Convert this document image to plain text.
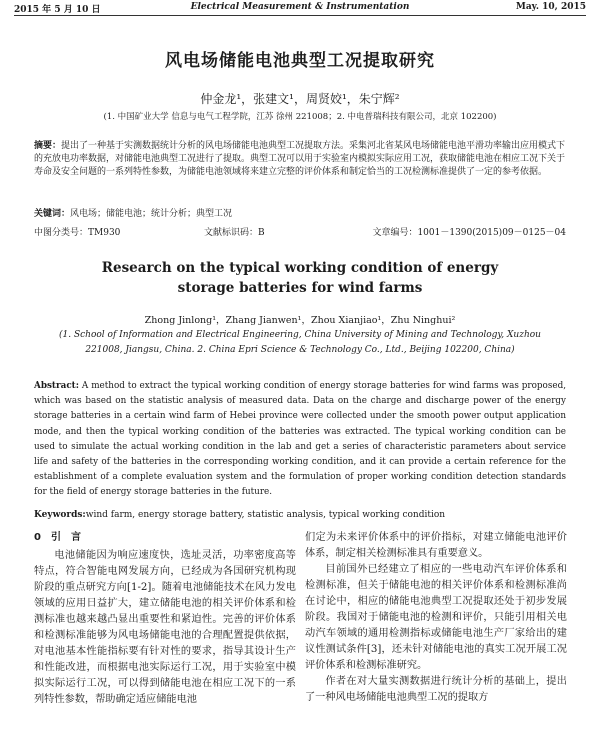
2015 年 5 月 10 日	Electrical Measurement & Instrumentation	May. 10, 2015
风电场储能电池典型工况提取研究
仲金龙¹，张建文¹，周贤姣¹，朱宁辉²
(1. 中国矿业大学 信息与电气工程学院，江苏 徐州 221008；2. 中电普瑞科技有限公司，北京 102200)
摘要：提出了一种基于实测数据统计分析的风电场储能电池典型工况提取方法。采集河北省某风电场储能电池平滑功率输出应用模式下的充放电功率数据，对储能电池典型工况进行了提取。典型工况可以用于实验室内模拟实际应用工况，获取储能电池在相应工况下关于寿命及安全问题的一系列特性参数，为储能电池领域将来建立完整的评价体系和制定恰当的工况检测标准提供了一定的参考依据。
关键词：风电场；储能电池；统计分析；典型工况
中图分类号：TM930	文献标识码：B	文章编号：1001－1390(2015)09－0125－04
Research on the typical working condition of energy
storage batteries for wind farms
Zhong Jinlong¹，Zhang Jianwen¹，Zhou Xianjiao¹，Zhu Ninghui²
(1. School of Information and Electrical Engineering, China University of Mining and Technology, Xuzhou 221008, Jiangsu, China. 2. China Epri Science & Technology Co., Ltd., Beijing 102200, China)
Abstract: A method to extract the typical working condition of energy storage batteries for wind farms was proposed, which was based on the statistic analysis of measured data. Data on the charge and discharge power of the energy storage batteries in a certain wind farm of Hebei province were collected under the smooth power output application mode, and then the typical working condition of the batteries was extracted. The typical working condition can be used to simulate the actual working condition in the lab and get a series of characteristic parameters about service life and safety of the batteries in the corresponding working condition, and it can provide a certain reference for the establishment of a complete evaluation system and the formulation of proper working condition detection standards for the field of energy storage batteries in the future.
Keywords:wind farm, energy storage battery, statistic analysis, typical working condition
0　引　言

电池储能因为响应速度快，选址灵活，功率密度高等特点，符合智能电网发展方向，已经成为各国研究机构现阶段的重点研究方向[1-2]。随着电池储能技术在风力发电领域的应用日益扩大，建立储能电池的相关评价体系和检测标准也越来越凸显出重要性和紧迫性。完善的评价体系和检测标准能够为风电场储能电池的合理配置提供依据，对电池基本性能指标要有针对性的要求，指导其设计生产和性能改进，而根据电池实际运行工况，用于实验室中模拟实际运行工况，可以得到储能电池在相应工况下的一系列特性参数，帮助确定适应储能电池

们定为未来评价体系中的评价指标，对建立储能电池评价体系，制定相关检测标准具有重要意义。

目前国外已经建立了相应的一些电动汽车评价体系和检测标准，但关于储能电池的相关评价体系和检测标准尚在讨论中，相应的储能电池典型工况提取还处于初步发展阶段。我国对于储能电池的检测和评价，只能引用相关电动汽车领域的通用检测指标或储能电池生产厂家给出的建议性测试条件[3]，还未针对储能电池的真实工况开展工况评价体系和检测标准研究。

作者在对大量实测数据进行统计分析的基础上，提出了一种风电场储能电池典型工况的提取方
